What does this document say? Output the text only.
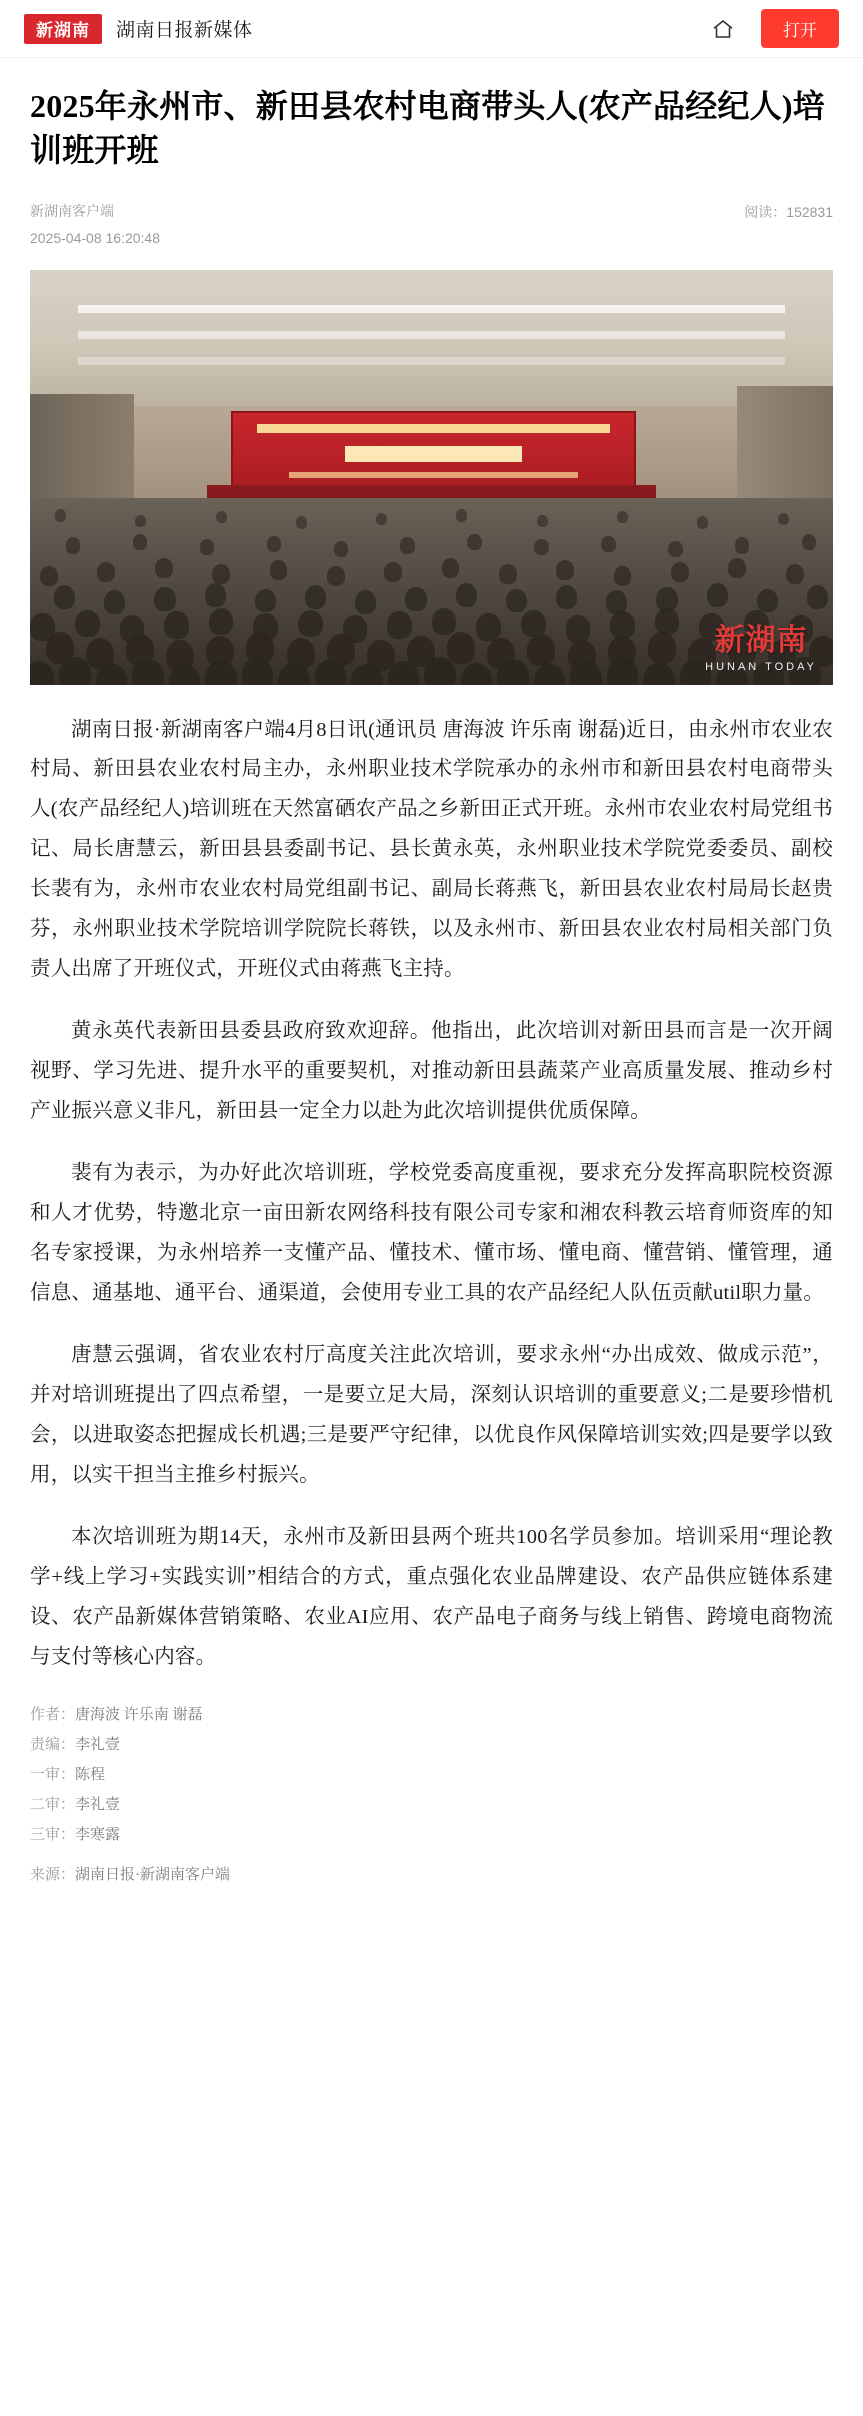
新湖南	湖南日报新媒体	打开
2025年永州市、新田县农村电商带头人(农产品经纪人)培训班开班
新湖南客户端
2025-04-08 16:20:48
阅读：152831
新湖南
HUNAN TODAY

湖南日报·新湖南客户端4月8日讯(通讯员 唐海波 许乐南 谢磊)近日，由永州市农业农村局、新田县农业农村局主办，永州职业技术学院承办的永州市和新田县农村电商带头人(农产品经纪人)培训班在天然富硒农产品之乡新田正式开班。永州市农业农村局党组书记、局长唐慧云，新田县县委副书记、县长黄永英，永州职业技术学院党委委员、副校长裴有为，永州市农业农村局党组副书记、副局长蒋燕飞，新田县农业农村局局长赵贵芬，永州职业技术学院培训学院院长蒋铁，以及永州市、新田县农业农村局相关部门负责人出席了开班仪式，开班仪式由蒋燕飞主持。

黄永英代表新田县委县政府致欢迎辞。他指出，此次培训对新田县而言是一次开阔视野、学习先进、提升水平的重要契机，对推动新田县蔬菜产业高质量发展、推动乡村产业振兴意义非凡，新田县一定全力以赴为此次培训提供优质保障。

裴有为表示，为办好此次培训班，学校党委高度重视，要求充分发挥高职院校资源和人才优势，特邀北京一亩田新农网络科技有限公司专家和湘农科教云培育师资库的知名专家授课，为永州培养一支懂产品、懂技术、懂市场、懂电商、懂营销、懂管理，通信息、通基地、通平台、通渠道，会使用专业工具的农产品经纪人队伍贡献util职力量。

唐慧云强调，省农业农村厅高度关注此次培训，要求永州“办出成效、做成示范”，并对培训班提出了四点希望，一是要立足大局，深刻认识培训的重要意义;二是要珍惜机会，以进取姿态把握成长机遇;三是要严守纪律，以优良作风保障培训实效;四是要学以致用，以实干担当主推乡村振兴。

本次培训班为期14天，永州市及新田县两个班共100名学员参加。培训采用“理论教学+线上学习+实践实训”相结合的方式，重点强化农业品牌建设、农产品供应链体系建设、农产品新媒体营销策略、农业AI应用、农产品电子商务与线上销售、跨境电商物流与支付等核心内容。

作者：唐海波 许乐南 谢磊
责编：李礼壹
一审：陈程
二审：李礼壹
三审：李寒露
来源：湖南日报·新湖南客户端
